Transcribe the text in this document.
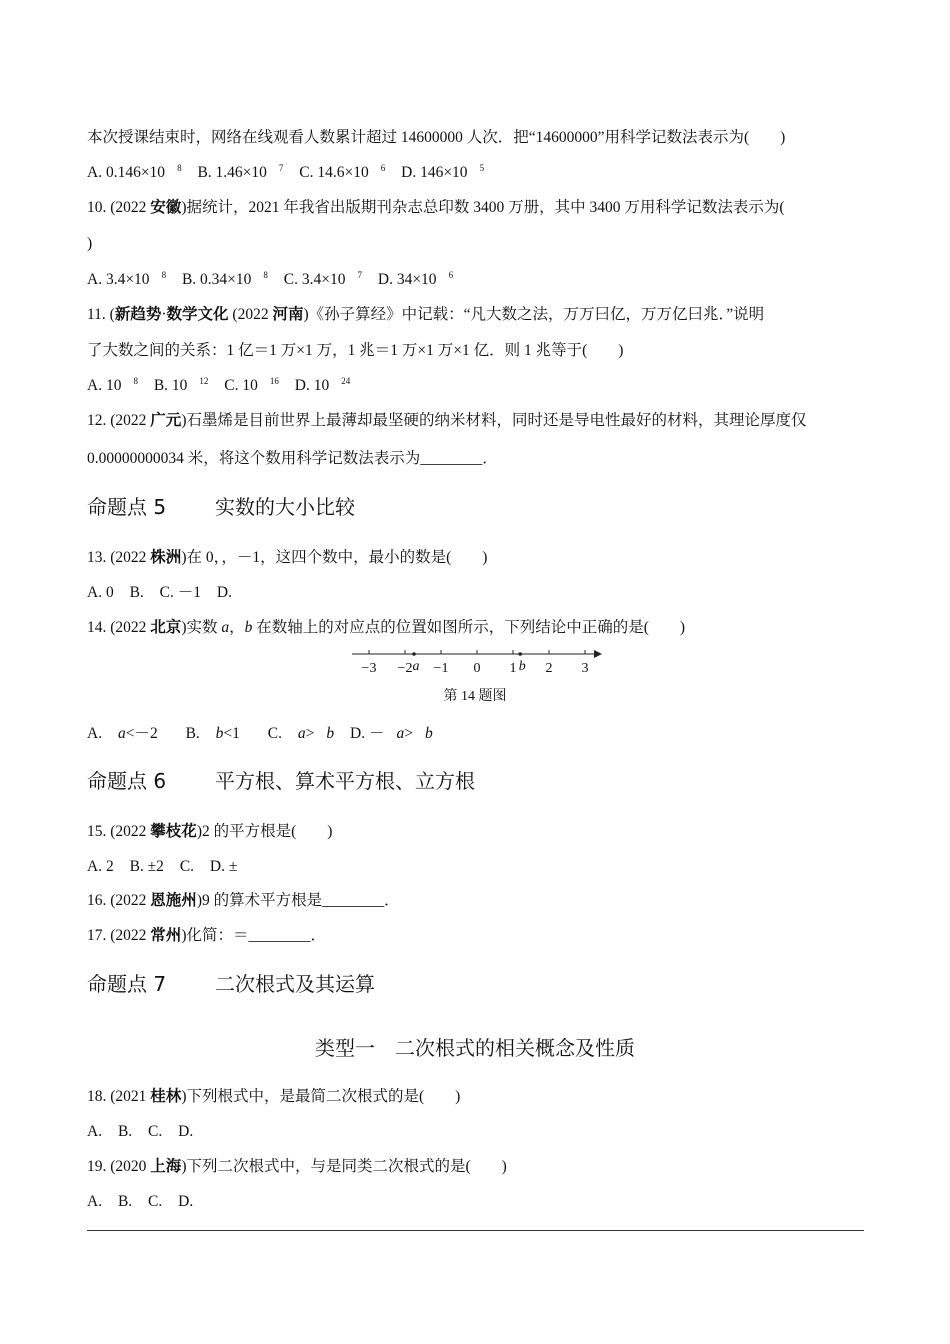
本次授课结束时，网络在线观看人数累计超过 14600000 人次．把“14600000”用科学记数法表示为(　　)
A. 0.146×10 $^8$ B. 1.46×10 $^7$ C. 14.6×10 $^6$ D. 146×10 $^5$
10. (2022 安徽)据统计，2021 年我省出版期刊杂志总印数 3400 万册，其中 3400 万用科学记数法表示为(
)
A. 3.4×10 $^8$ B. 0.34×10 $^8$ C. 3.4×10 $^7$ D. 34×10 $^6$
11. (新趋势·数学文化 (2022 河南)《孙子算经》中记载：“凡大数之法，万万曰亿，万万亿曰兆．”说明
了大数之间的关系：1 亿＝1 万×1 万，1 兆＝1 万×1 万×1 亿．则 1 兆等于(　　)
A. 10 $^8$ B. 10 $^{12}$ C. 10 $^{16}$ D. 10 $^{24}$
12. (2022 广元)石墨烯是目前世界上最薄却最坚硬的纳米材料，同时还是导电性最好的材料，其理论厚度仅
0.00000000034 米，将这个数用科学记数法表示为________．
命题点 5 实数的大小比较
13. (2022 株洲)在 0，，－1，这四个数中，最小的数是(　　)
A. 0 B. C. －1 D.
14. (2022 北京)实数 a，b 在数轴上的对应点的位置如图所示，下列结论中正确的是(　　)
−3 −2 −1 0 1 2 3
a	b
第 14 题图
A. a<－2 B. b<1 C. a> b D. － a> b
命题点 6 平方根、算术平方根、立方根
15. (2022 攀枝花)2 的平方根是(　　)
A. 2 B. ±2 C. D. ±
16. (2022 恩施州)9 的算术平方根是________．
17. (2022 常州)化简：＝________．
命题点 7 二次根式及其运算
类型一　二次根式的相关概念及性质
18. (2021 桂林)下列根式中，是最简二次根式的是(　　)
A. B. C. D.
19. (2020 上海)下列二次根式中，与是同类二次根式的是(　　)
A. B. C. D.
